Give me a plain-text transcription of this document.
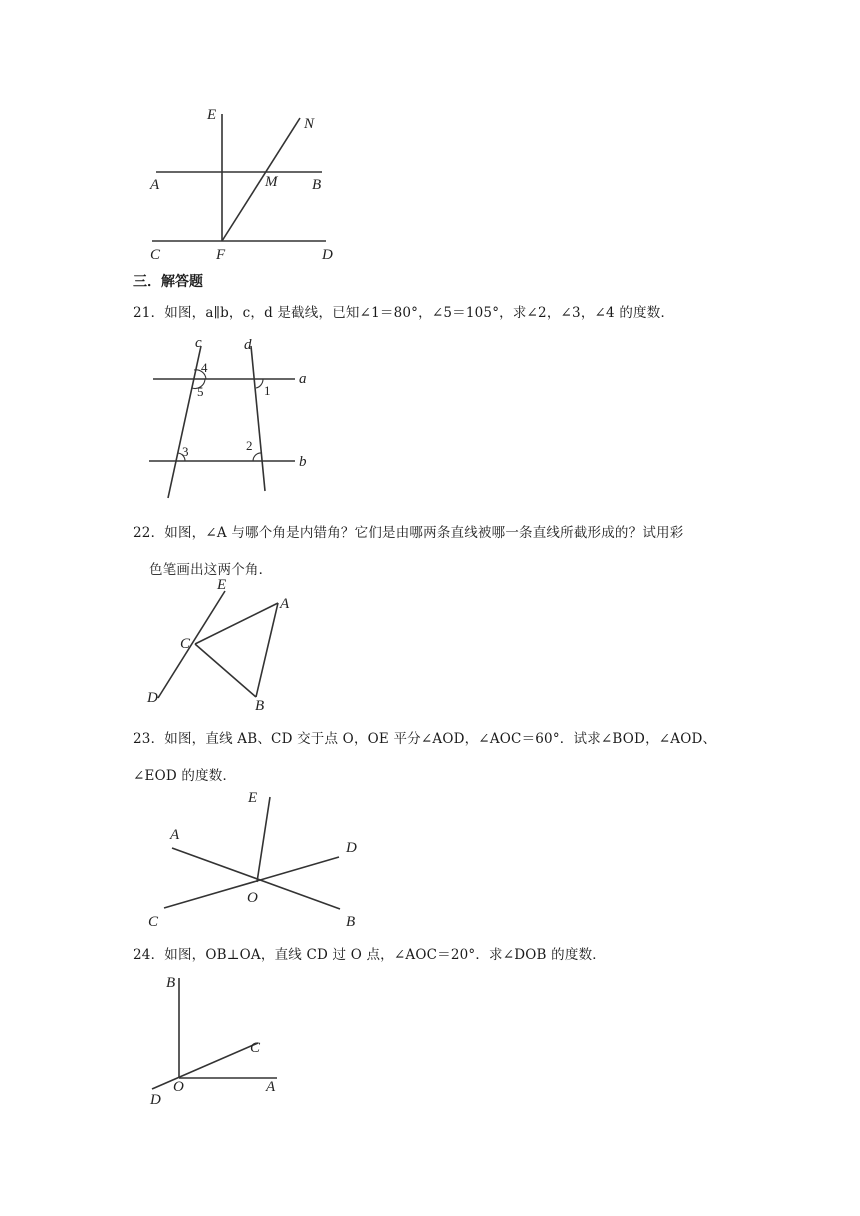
E
N
A	M B
C	F	D
三．解答题
21．如图，a∥b，c，d 是截线，已知∠1＝80°，∠5＝105°，求∠2，∠3，∠4 的度数．
c	d
a
b
4
5	1
2
3
22．如图，∠A 与哪个角是内错角？它们是由哪两条直线被哪一条直线所截形成的？试用彩
色笔画出这两个角．
E
A
C
D	B
23．如图，直线 AB、CD 交于点 O，OE 平分∠AOD，∠AOC＝60°．试求∠BOD，∠AOD、
∠EOD 的度数．
E
A
D
O
C	B
24．如图，OB⊥OA，直线 CD 过 O 点，∠AOC＝20°．求∠DOB 的度数．
B
C
O	A
D
